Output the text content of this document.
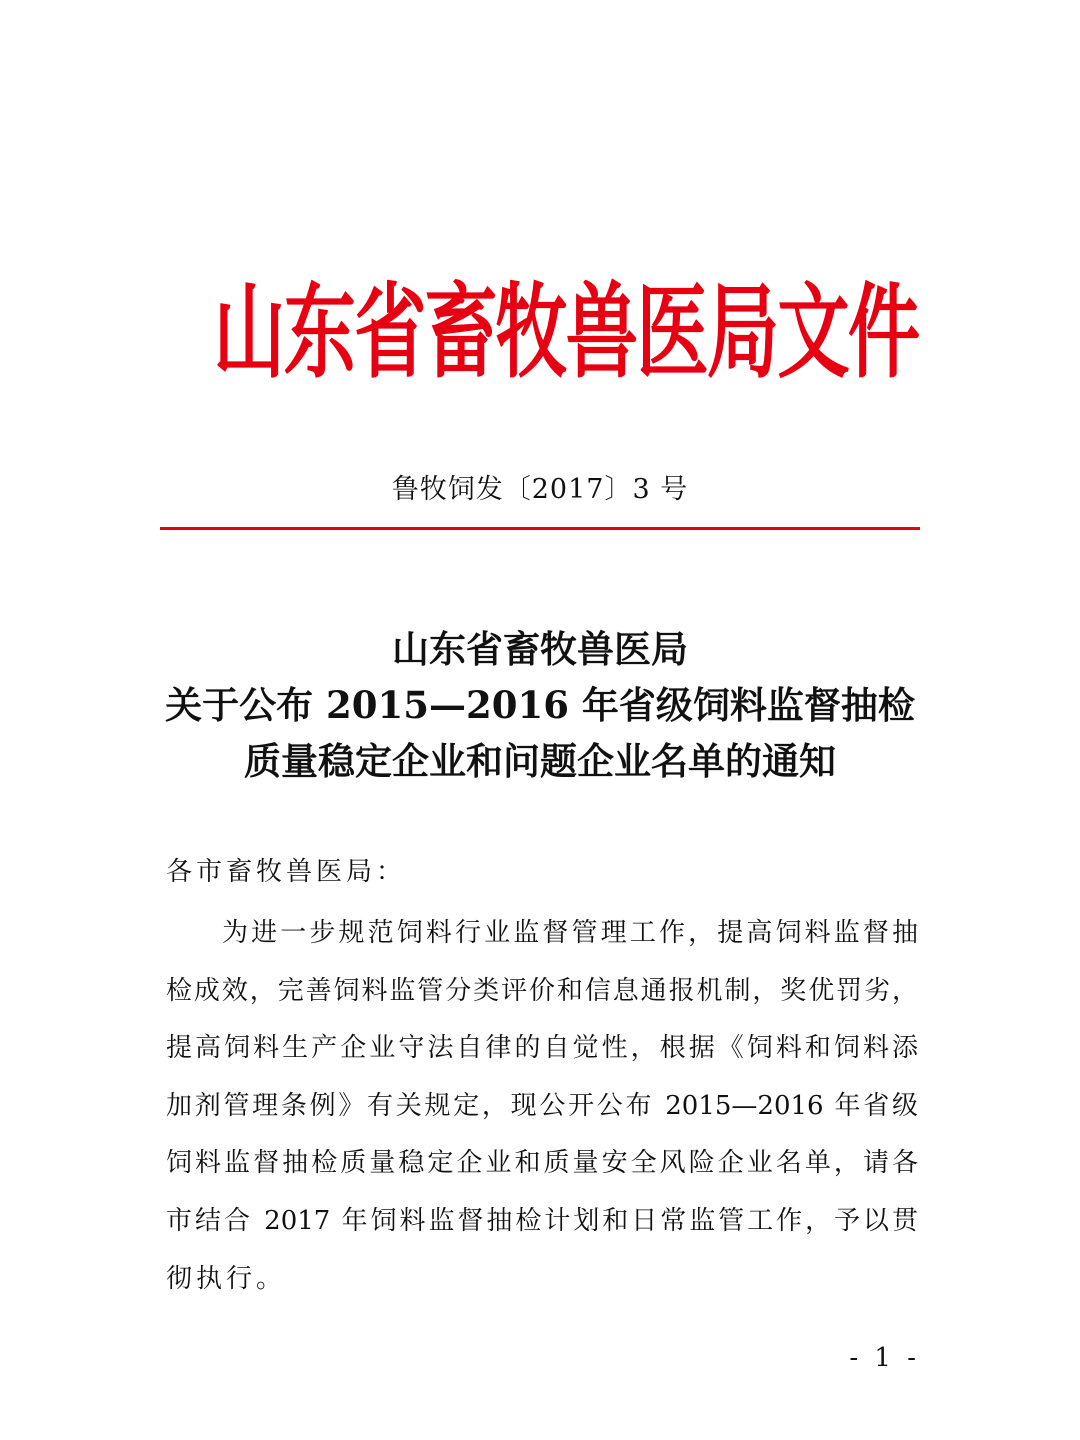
山东省畜牧兽医局文件
鲁牧饲发〔2017〕3 号
山东省畜牧兽医局
关于公布 2015—2016 年省级饲料监督抽检
质量稳定企业和问题企业名单的通知
各市畜牧兽医局：
为进一步规范饲料行业监督管理工作，提高饲料监督抽
检成效，完善饲料监管分类评价和信息通报机制，奖优罚劣，
提高饲料生产企业守法自律的自觉性，根据《饲料和饲料添
加剂管理条例》有关规定，现公开公布 2015—2016 年省级
饲料监督抽检质量稳定企业和质量安全风险企业名单，请各
市结合 2017 年饲料监督抽检计划和日常监管工作，予以贯
彻执行。
- 1 -
